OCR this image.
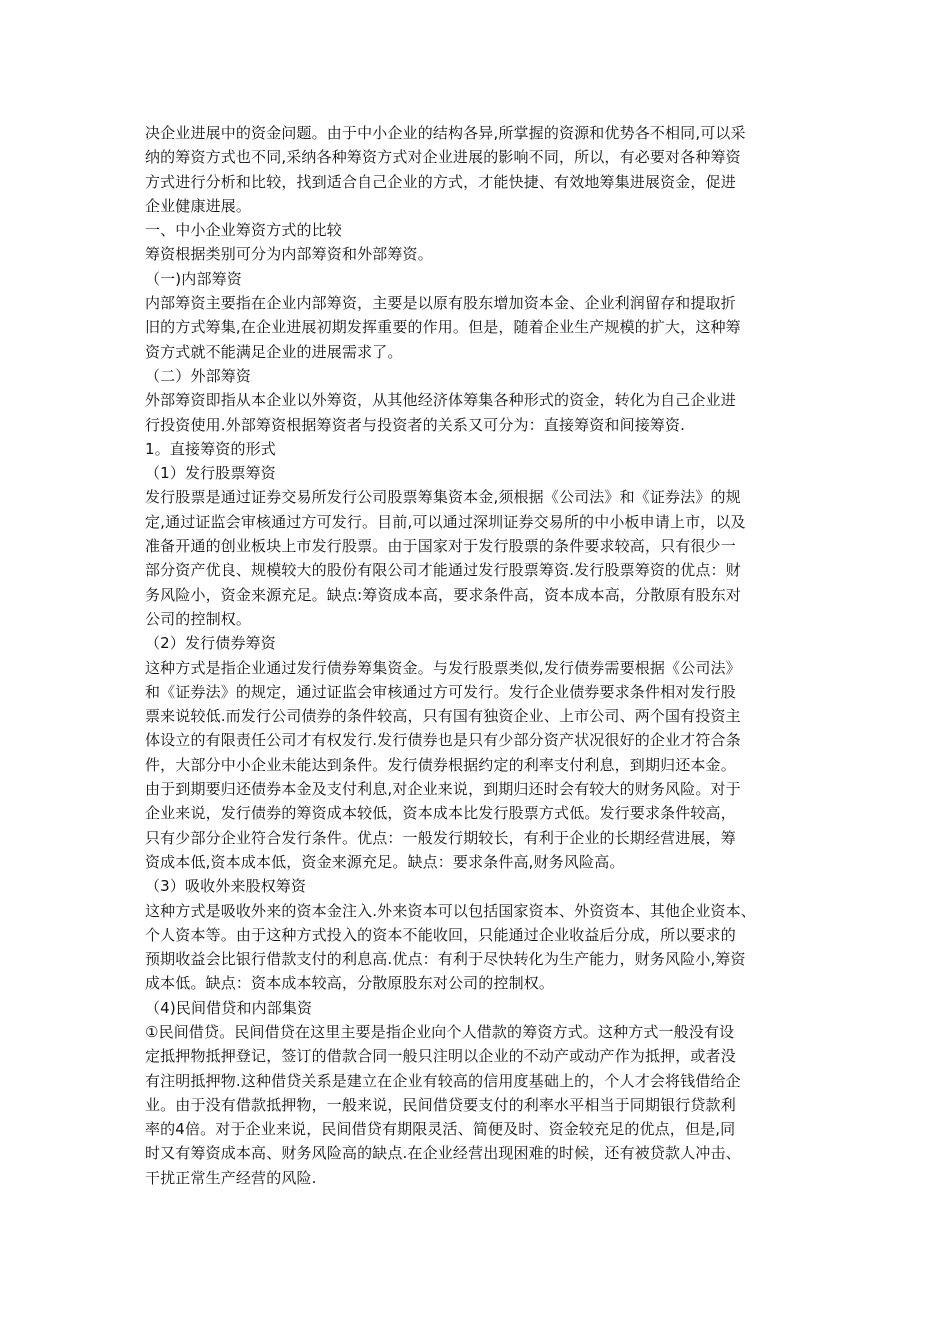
决企业进展中的资金问题。由于中小企业的结构各异,所掌握的资源和优势各不相同,可以采
纳的筹资方式也不同,采纳各种筹资方式对企业进展的影响不同，所以，有必要对各种筹资
方式进行分析和比较，找到适合自己企业的方式，才能快捷、有效地筹集进展资金，促进
企业健康进展。
一、中小企业筹资方式的比较
筹资根据类别可分为内部筹资和外部筹资。
（一)内部筹资
内部筹资主要指在企业内部筹资，主要是以原有股东增加资本金、企业利润留存和提取折
旧的方式筹集,在企业进展初期发挥重要的作用。但是，随着企业生产规模的扩大，这种筹
资方式就不能满足企业的进展需求了。
（二）外部筹资
外部筹资即指从本企业以外筹资，从其他经济体筹集各种形式的资金，转化为自己企业进
行投资使用.外部筹资根据筹资者与投资者的关系又可分为：直接筹资和间接筹资.
1。直接筹资的形式
（1）发行股票筹资
发行股票是通过证券交易所发行公司股票筹集资本金,须根据《公司法》和《证券法》的规
定,通过证监会审核通过方可发行。目前,可以通过深圳证券交易所的中小板申请上市，以及
准备开通的创业板块上市发行股票。由于国家对于发行股票的条件要求较高，只有很少一
部分资产优良、规模较大的股份有限公司才能通过发行股票筹资.发行股票筹资的优点：财
务风险小，资金来源充足。缺点:筹资成本高，要求条件高，资本成本高，分散原有股东对
公司的控制权。
（2）发行债券筹资
这种方式是指企业通过发行债券筹集资金。与发行股票类似,发行债券需要根据《公司法》
和《证券法》的规定，通过证监会审核通过方可发行。发行企业债券要求条件相对发行股
票来说较低.而发行公司债券的条件较高，只有国有独资企业、上市公司、两个国有投资主
体设立的有限责任公司才有权发行.发行债券也是只有少部分资产状况很好的企业才符合条
件，大部分中小企业未能达到条件。发行债券根据约定的利率支付利息，到期归还本金。
由于到期要归还债券本金及支付利息,对企业来说，到期归还时会有较大的财务风险。对于
企业来说，发行债券的筹资成本较低，资本成本比发行股票方式低。发行要求条件较高，
只有少部分企业符合发行条件。优点：一般发行期较长，有利于企业的长期经营进展，筹
资成本低,资本成本低，资金来源充足。缺点：要求条件高,财务风险高。
（3）吸收外来股权筹资
这种方式是吸收外来的资本金注入.外来资本可以包括国家资本、外资资本、其他企业资本、
个人资本等。由于这种方式投入的资本不能收回，只能通过企业收益后分成，所以要求的
预期收益会比银行借款支付的利息高.优点：有利于尽快转化为生产能力，财务风险小,筹资
成本低。缺点：资本成本较高，分散原股东对公司的控制权。
（4)民间借贷和内部集资
①民间借贷。民间借贷在这里主要是指企业向个人借款的筹资方式。这种方式一般没有设
定抵押物抵押登记，签订的借款合同一般只注明以企业的不动产或动产作为抵押，或者没
有注明抵押物.这种借贷关系是建立在企业有较高的信用度基础上的，个人才会将钱借给企
业。由于没有借款抵押物，一般来说，民间借贷要支付的利率水平相当于同期银行贷款利
率的4倍。对于企业来说，民间借贷有期限灵活、简便及时、资金较充足的优点，但是,同
时又有筹资成本高、财务风险高的缺点.在企业经营出现困难的时候，还有被贷款人冲击、
干扰正常生产经营的风险.
